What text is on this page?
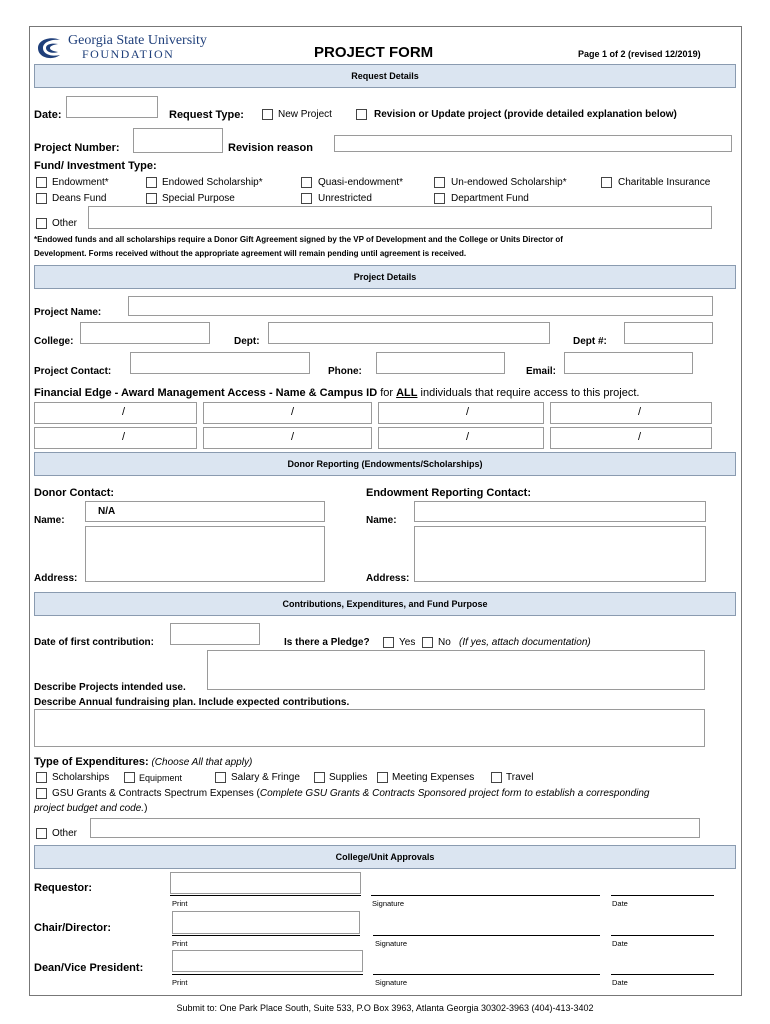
Georgia State University
FOUNDATION	PROJECT FORM	Page 1 of 2 (revised 12/2019)
Request Details
Date:	Request Type:	New Project	Revision or Update project (provide detailed explanation below)
Project Number:	Revision reason
Fund/ Investment Type:
Endowment*	Endowed Scholarship*	Quasi-endowment*	Un-endowed Scholarship*	Charitable Insurance
Deans Fund	Special Purpose	Unrestricted	Department Fund
Other
*Endowed funds and all scholarships require a Donor Gift Agreement signed by the VP of Development and the College or Units Director of
Development. Forms received without the appropriate agreement will remain pending until agreement is received.
Project Details
Project Name:
College:	Dept:	Dept #:
Project Contact:	Phone:	Email:
Financial Edge - Award Management Access - Name & Campus ID for ALL individuals that require access to this project.
/	/	/	/
/	/	/	/
Donor Reporting (Endowments/Scholarships)
Donor Contact:	Endowment Reporting Contact:
Name:
N/A
Name:
Address:	Address:
Contributions, Expenditures, and Fund Purpose
Date of first contribution:	Is there a Pledge?	Yes No (If yes, attach documentation)
Describe Projects intended use.
Describe Annual fundraising plan. Include expected contributions.
Type of Expenditures: (Choose All that apply)
Scholarships	Equipment	Salary & Fringe	Supplies Meeting Expenses	Travel
GSU Grants & Contracts Spectrum Expenses (Complete GSU Grants & Contracts Sponsored project form to establish a corresponding
project budget and code.)
Other
College/Unit Approvals
Requestor:
Print	Signature	Date
Chair/Director:
Print	Signature	Date
Dean/Vice President:
Print	Signature	Date
Submit to: One Park Place South, Suite 533, P.O Box 3963, Atlanta Georgia 30302-3963 (404)-413-3402
